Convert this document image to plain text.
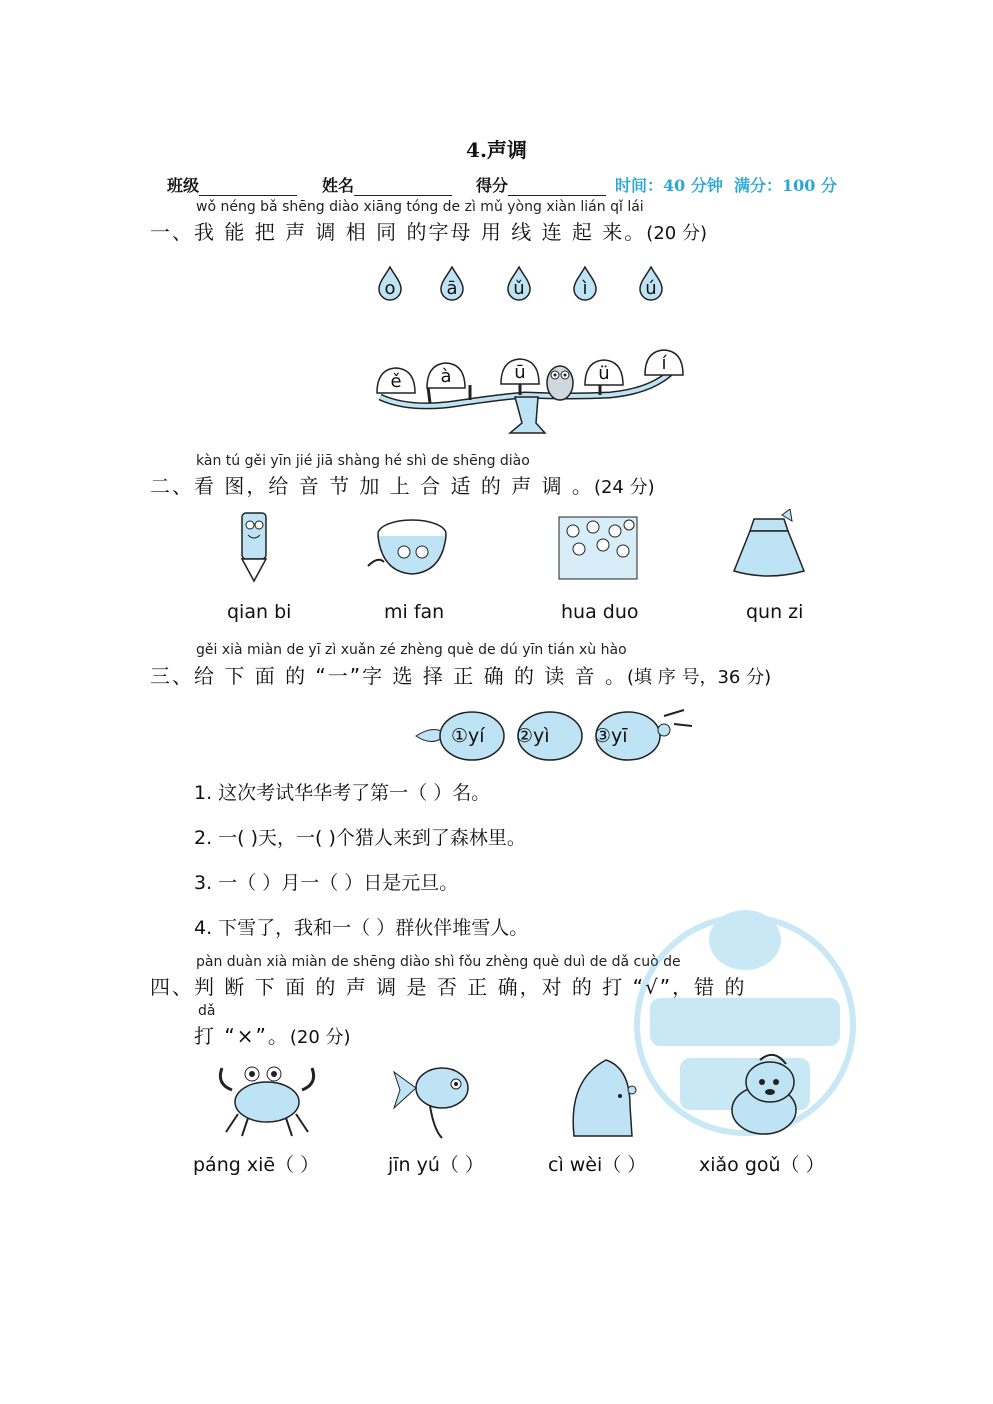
4.声调
班级	姓名	得分	时间：40 分钟 满分：100 分
wǒ néng bǎ shēng diào xiāng tóng de zì mǔ yòng xiàn lián qǐ lái
一、我 能 把 声 调 相 同 的字母 用 线 连 起 来。(20 分)
o	ā	ǔ	ì	ú
ě	à	ū	ü	í
kàn tú gěi yīn jié jiā shàng hé shì de shēng diào
二、看 图，给 音 节 加 上 合 适 的 声 调 。(24 分)
qian bi	mi fan	hua duo	qun zi
gěi xià miàn de yī zì xuǎn zé zhèng què de dú yīn tián xù hào
三、给 下 面 的 “一”字 选 择 正 确 的 读 音 。(填 序 号，36 分)
①yí ②yì ③yī
1. 这次考试华华考了第一（ ）名。
2. 一( )天，一( )个猎人来到了森林里。
3. 一（ ）月一（ ）日是元旦。
4. 下雪了，我和一（ ）群伙伴堆雪人。
pàn duàn xià miàn de shēng diào shì fǒu zhèng què duì de dǎ cuò de
四、判 断 下 面 的 声 调 是 否 正 确，对 的 打 “√”，错 的
dǎ
打 “×”。(20 分)
páng xiē（ ）	jīn yú（ ）	cì wèi（ ）	xiǎo goǔ（ ）
